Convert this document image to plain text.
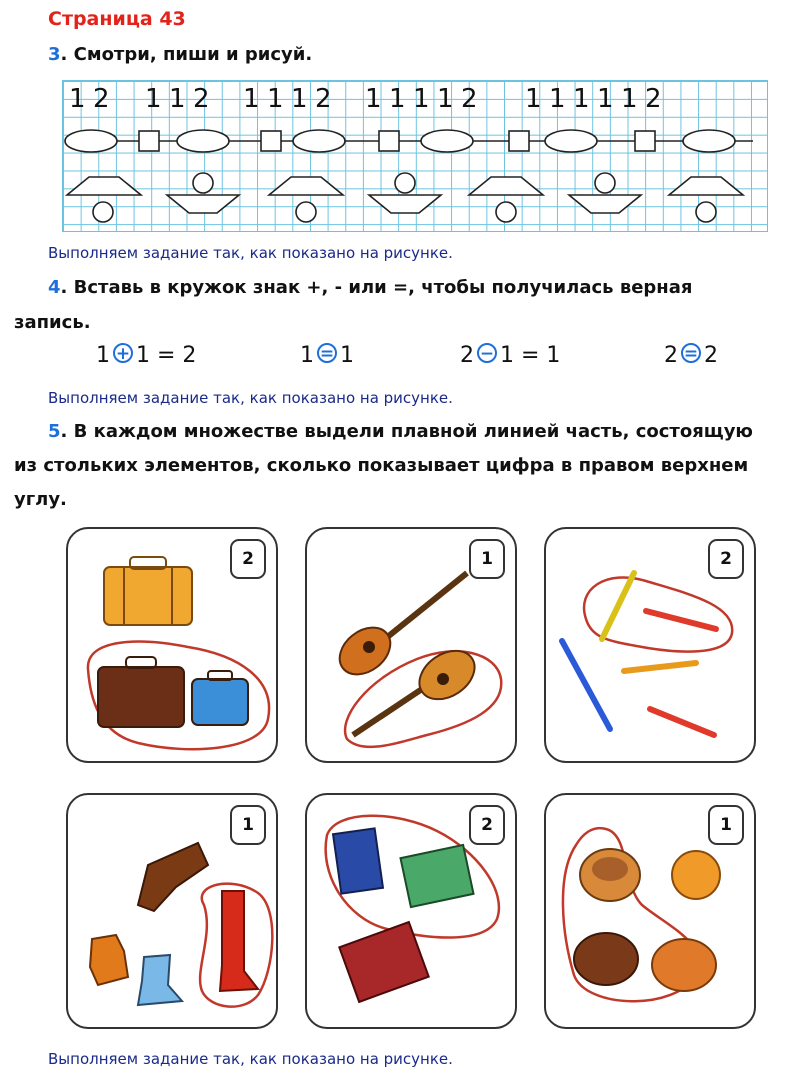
Страница 43
3. Смотри, пиши и рисуй.
1 2 1 1 2 1 1 1 2 1 1 1 1 2 1 1 1 1 1 2
Выполняем задание так, как показано на рисунке.
4. Вставь в кружок знак +, - или =, чтобы получилась верная
запись.
1 + 1 = 2	1 = 1	2 − 1 = 1	2 = 2
Выполняем задание так, как показано на рисунке.
5. В каждом множестве выдели плавной линией часть, состоящую
из стольких элементов, сколько показывает цифра в правом верхнем
углу.
2	1	2
1	2	1
Выполняем задание так, как показано на рисунке.
